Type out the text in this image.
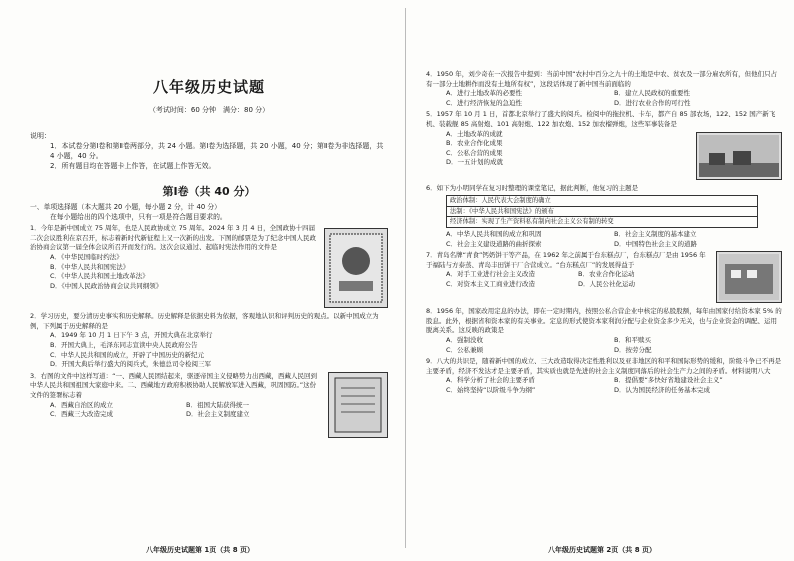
八年级历史试题
（考试时间：60 分钟　满分：80 分）
说明：
1．本试卷分第Ⅰ卷和第Ⅱ卷两部分，共 24 小题。第Ⅰ卷为选择题，共 20 小题，40 分；第Ⅱ卷为非选择题，共 4 小题，40 分。
2．所有题目均在答题卡上作答，在试题上作答无效。
第Ⅰ卷（共 40 分）
一、单项选择题（本大题共 20 小题，每小题 2 分，计 40 分）
在每小题给出的四个选项中，只有一项是符合题目要求的。
1．今年是新中国成立 75 周年，也是人民政协成立 75 周年。2024 年 3 月 4 日，全国政协十四届二次会议胜利在京召开，标志着新时代新征程上又一次新的出发。下图的邮票是为了纪念中国人民政治协商会议第一届全体会议所召开而发行的。这次会议通过、起临时宪法作用的文件是
A．《中华民国临时约法》
B．《中华人民共和国宪法》
C．《中华人民共和国土地改革法》
D．《中国人民政治协商会议共同纲领》
2．学习历史，要分清历史事实和历史解释。历史解释是依据史料为依据，客观地认识和评判历史的观点。以新中国成立为例，下列属于历史解释的是
A．1949 年 10 月 1 日下午 3 点，开国大典在北京举行
B．开国大典上，毛泽东同志宣读中央人民政府公告
C．中华人民共和国的成立，开辟了中国历史的新纪元
D．开国大典后举行盛大的阅兵式，朱德总司令检阅三军
3．右图的文件中这样写道：“一、西藏人民团结起来，驱逐帝国主义侵略势力出西藏，西藏人民回到中华人民共和国祖国大家庭中来。二、西藏地方政府积极协助人民解放军进入西藏，巩固国防。”这份文件的签署标志着
A．西藏自治区的成立	B．祖国大陆获得统一
C．西藏三大改造完成	D．社会主义制度建立
八年级历史试题第 1页（共 8 页）
4．1950 年，刘少奇在一次报告中提到：当前中国“农村中百分之九十的土地是中农、贫农及一部分雇农所有，但他们只占有一部分土地耕作而没有土地所有权”，这段话体现了新中国当前面临的
A．进行土地改革的必要性	B．建立人民政权的重要性
C．进行经济恢复的急迫性	D．进行农业合作的可行性
5．1957 年 10 月 1 日，首都北京举行了盛大的阅兵。检阅中的拖拉机、卡车，都产自 85 部农场，122、152 国产新飞机、装载舰 85 高射炮、101 高射炮、122 加农炮、152 加农榴弹炮，这些军事装备是
A．土地改革的成就
B．农业合作化成果
C．公私合营的成果
D．一五计划的成就
6．如下为小明同学在复习时整理的课堂笔记，据此判断，他复习的主题是
政治体制：人民代表大会制度的确立
法制：《中华人民共和国宪法》的颁布
经济体制：实现了生产资料私有制向社会主义公有制的转变
A．中华人民共和国的成立和巩固	B．社会主义制度的基本建立
C．社会主义建设道路的曲折探索	D．中国特色社会主义的道路
7．青岛名牌“青食”钙奶饼干等产品，在 1962 年之前属于台东糕点厂，台东糕点厂是由 1956 年于福陆与方泰蒸、青岛丰田饼干厂合营成立。“台东糕点厂”的发展得益于
A．对手工业进行社会主义改造	B．农业合作化运动
C．对资本主义工商业进行改造	D．人民公社化运动
8．1956 年，国家改用定息的办法，即在一定时期内，按照公私合营企业中核定的私股股额，每年由国家付给资本家 5% 的股息。此外，根据省和资本家的有关事业。定息的形式使资本家利润分配与企业资金多少无关，也与企业资金的调配、运用脱离关系。这反映的政策是
A．强制没收	B．和平赎买
C．公私兼顾	D．按劳分配
9．八大的共识是，随着新中国的成立、三大改造取得决定性胜利以及亚非地区的和平和国际形势的缓和，阶级斗争已不再是主要矛盾，经济不发达才是主要矛盾，其实质也就是先进的社会主义制度同落后的社会生产力之间的矛盾。材料说明八大
A．科学分析了社会的主要矛盾	B．提倡要“多快好省地建设社会主义”
C．始终坚持“以阶级斗争为纲”	D．认为国民经济的任务基本完成
八年级历史试题第 2页（共 8 页）
